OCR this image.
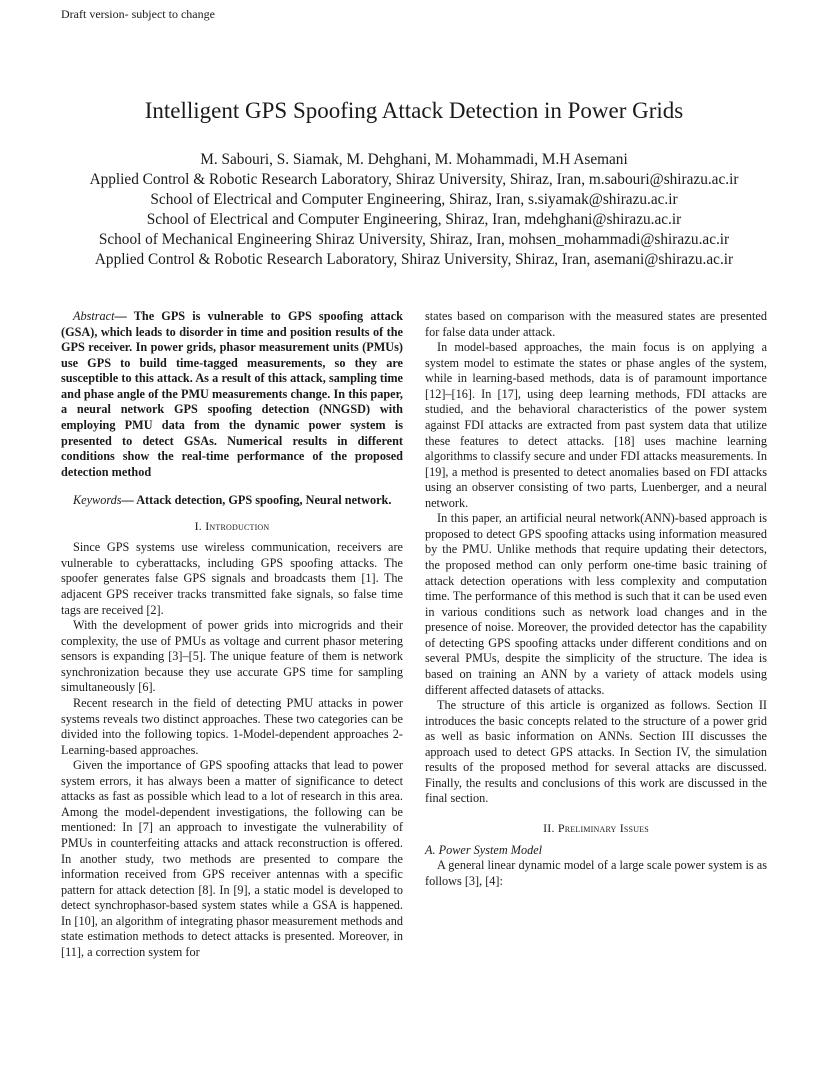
Draft version- subject to change
Intelligent GPS Spoofing Attack Detection in Power Grids
M. Sabouri, S. Siamak, M. Dehghani, M. Mohammadi, M.H Asemani
Applied Control & Robotic Research Laboratory, Shiraz University, Shiraz, Iran, m.sabouri@shirazu.ac.ir
School of Electrical and Computer Engineering, Shiraz, Iran, s.siyamak@shirazu.ac.ir
School of Electrical and Computer Engineering, Shiraz, Iran, mdehghani@shirazu.ac.ir
School of Mechanical Engineering Shiraz University, Shiraz, Iran, mohsen_mohammadi@shirazu.ac.ir
Applied Control & Robotic Research Laboratory, Shiraz University, Shiraz, Iran, asemani@shirazu.ac.ir

Abstract— The GPS is vulnerable to GPS spoofing attack (GSA), which leads to disorder in time and position results of the GPS receiver. In power grids, phasor measurement units (PMUs) use GPS to build time-tagged measurements, so they are susceptible to this attack. As a result of this attack, sampling time and phase angle of the PMU measurements change. In this paper, a neural network GPS spoofing detection (NNGSD) with employing PMU data from the dynamic power system is presented to detect GSAs. Numerical results in different conditions show the real-time performance of the proposed detection method

Keywords— Attack detection, GPS spoofing, Neural network.

I. Introduction

Since GPS systems use wireless communication, receivers are vulnerable to cyberattacks, including GPS spoofing attacks. The spoofer generates false GPS signals and broadcasts them [1]. The adjacent GPS receiver tracks transmitted fake signals, so false time tags are received [2].

With the development of power grids into microgrids and their complexity, the use of PMUs as voltage and current phasor metering sensors is expanding [3]–[5]. The unique feature of them is network synchronization because they use accurate GPS time for sampling simultaneously [6].

Recent research in the field of detecting PMU attacks in power systems reveals two distinct approaches. These two categories can be divided into the following topics. 1-Model-dependent approaches 2- Learning-based approaches.

Given the importance of GPS spoofing attacks that lead to power system errors, it has always been a matter of significance to detect attacks as fast as possible which lead to a lot of research in this area. Among the model-dependent investigations, the following can be mentioned: In [7] an approach to investigate the vulnerability of PMUs in counterfeiting attacks and attack reconstruction is offered. In another study, two methods are presented to compare the information received from GPS receiver antennas with a specific pattern for attack detection [8]. In [9], a static model is developed to detect synchrophasor-based system states while a GSA is happened. In [10], an algorithm of integrating phasor measurement methods and state estimation methods to detect attacks is presented. Moreover, in [11], a correction system for

states based on comparison with the measured states are presented for false data under attack.

In model-based approaches, the main focus is on applying a system model to estimate the states or phase angles of the system, while in learning-based methods, data is of paramount importance [12]–[16]. In [17], using deep learning methods, FDI attacks are studied, and the behavioral characteristics of the power system against FDI attacks are extracted from past system data that utilize these features to detect attacks. [18] uses machine learning algorithms to classify secure and under FDI attacks measurements. In [19], a method is presented to detect anomalies based on FDI attacks using an observer consisting of two parts, Luenberger, and a neural network.

In this paper, an artificial neural network(ANN)-based approach is proposed to detect GPS spoofing attacks using information measured by the PMU. Unlike methods that require updating their detectors, the proposed method can only perform one-time basic training of attack detection operations with less complexity and computation time. The performance of this method is such that it can be used even in various conditions such as network load changes and in the presence of noise. Moreover, the provided detector has the capability of detecting GPS spoofing attacks under different conditions and on several PMUs, despite the simplicity of the structure. The idea is based on training an ANN by a variety of attack models using different affected datasets of attacks.

The structure of this article is organized as follows. Section II introduces the basic concepts related to the structure of a power grid as well as basic information on ANNs. Section III discusses the approach used to detect GPS attacks. In Section IV, the simulation results of the proposed method for several attacks are discussed. Finally, the results and conclusions of this work are discussed in the final section.

II. Preliminary Issues

A. Power System Model

A general linear dynamic model of a large scale power system is as follows [3], [4]:
